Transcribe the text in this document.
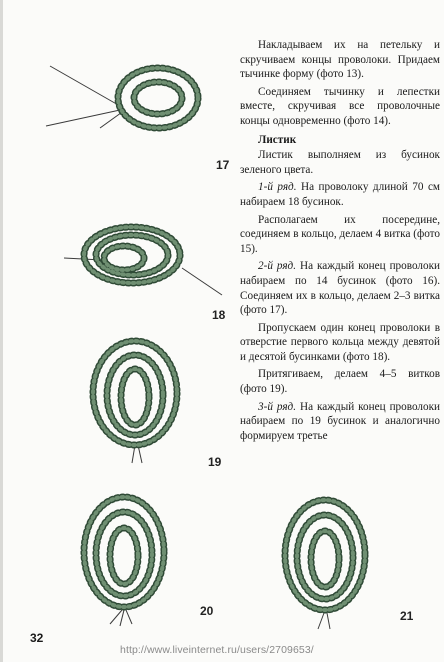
17
18
19
20	21

Накладываем их на петельку и скручиваем концы проволоки. Придаем тычинке форму (фото 13).

Соединяем тычинку и лепестки вместе, скручивая все проволочные концы одновременно (фото 14).

Листик

Листик выполняем из бусинок зеленого цвета.

1-й ряд. На проволоку длиной 70 см набираем 18 бусинок.

Располагаем их посередине, соединяем в кольцо, делаем 4 витка (фото 15).

2-й ряд. На каждый конец проволоки набираем по 14 бусинок (фото 16). Соединяем их в кольцо, делаем 2–3 витка (фото 17).

Пропускаем один конец проволоки в отверстие первого кольца между девятой и десятой бусинками (фото 18).

Притягиваем, делаем 4–5 витков (фото 19).

3-й ряд. На каждый конец проволоки набираем по 19 бусинок и аналогично формируем третье

32
http://www.liveinternet.ru/users/2709653/
